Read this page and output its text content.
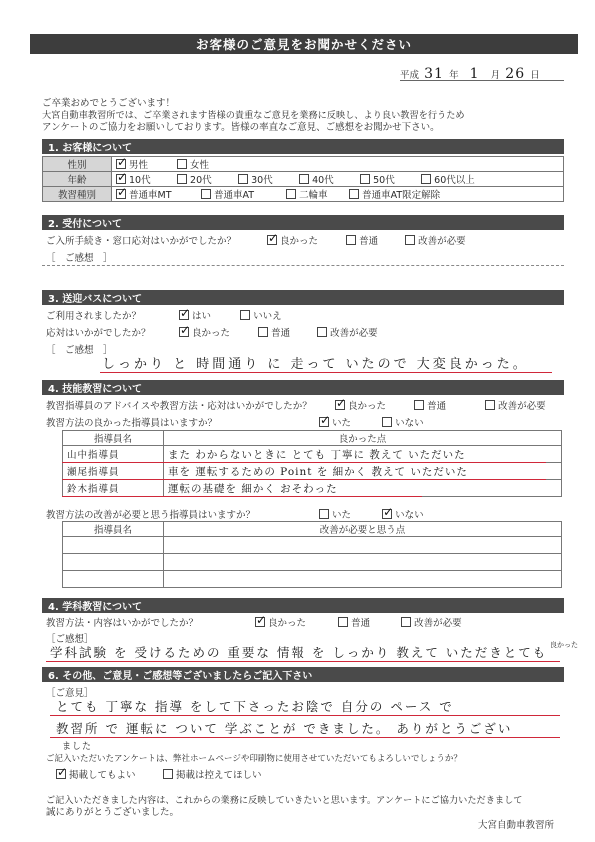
お客様のご意見をお聞かせください
平成 31 年 1 月 26 日
ご卒業おめでとうございます！
大宮自動車教習所では、ご卒業されます皆様の貴重なご意見を業務に反映し、より良い教習を行うため
アンケートのご協力をお願いしております。皆様の率直なご意見、ご感想をお聞かせ下さい。
1. お客様について
性別	✓ 男性 女性
年齢	✓ 10代 20代 30代 40代 50代 60代以上
教習種別	✓ 普通車MT 普通車AT 二輪車 普通車AT限定解除
2. 受付について
ご入所手続き・窓口応対はいかがでしたか？	✓ 良かった	普通	改善が必要
［　ご感想　］
3. 送迎バスについて
ご利用されましたか？	✓ はい	いいえ
応対はいかがでしたか？ ✓ 良かった	普通	改善が必要
［　ご感想　］
しっかり と 時間通り に 走って いたので 大変良かった。
4. 技能教習について
教習指導員のアドバイスや教習方法・応対はいかがでしたか？ ✓ 良かった	普通	改善が必要
教習方法の良かった指導員はいますか？	✓ いた	いない
指導員名	良かった点
山中指導員	また わからないときに とても 丁寧に 教えて いただいた
瀬尾指導員	車を 運転するための Point を 細かく 教えて いただいた
鈴木指導員	運転の基礎を 細かく おそわった
教習方法の改善が必要と思う指導員はいますか？	いた	✓ いない
指導員名	改善が必要と思う点

4. 学科教習について
教習方法・内容はいかがでしたか？	✓ 良かった	普通	改善が必要
［ご感想］
学科試験 を 受けるための 重要な 情報 を しっかり 教えて いただきとても 良かった
6. その他、ご意見・ご感想等ございましたらご記入下さい
［ご意見］
とても 丁寧な 指導 をして下さったお陰で 自分の ペース で
教習所 で 運転に ついて 学ぶことが できました。 ありがとうござい
ました
ご記入いただいたアンケートは、弊社ホームページや印刷物に使用させていただいてもよろしいでしょうか？
✓ 掲載してもよい	掲載は控えてほしい
ご記入いただきました内容は、これからの業務に反映していきたいと思います。アンケートにご協力いただきまして
誠にありがとうございました。
大宮自動車教習所
